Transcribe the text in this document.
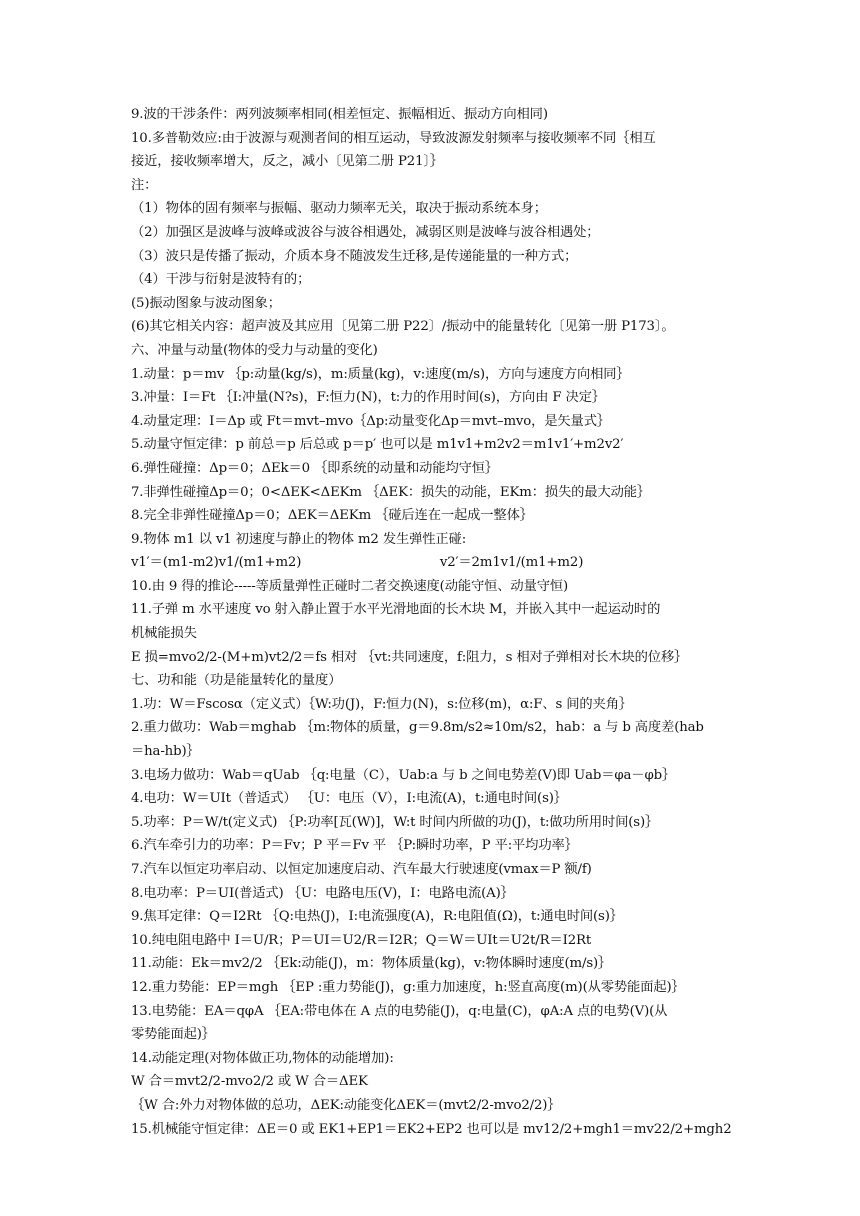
9.波的干涉条件：两列波频率相同(相差恒定、振幅相近、振动方向相同)
10.多普勒效应:由于波源与观测者间的相互运动，导致波源发射频率与接收频率不同｛相互
接近，接收频率增大，反之，减小〔见第二册 P21〕｝
注：
（1）物体的固有频率与振幅、驱动力频率无关，取决于振动系统本身；
（2）加强区是波峰与波峰或波谷与波谷相遇处，减弱区则是波峰与波谷相遇处；
（3）波只是传播了振动，介质本身不随波发生迁移,是传递能量的一种方式；
（4）干涉与衍射是波特有的；
(5)振动图象与波动图象；
(6)其它相关内容：超声波及其应用〔见第二册 P22〕/振动中的能量转化〔见第一册 P173〕。
六、冲量与动量(物体的受力与动量的变化)
1.动量：p＝mv ｛p:动量(kg/s)，m:质量(kg)，v:速度(m/s)，方向与速度方向相同｝
3.冲量：I＝Ft ｛I:冲量(N?s)，F:恒力(N)，t:力的作用时间(s)，方向由 F 决定｝
4.动量定理：I＝Δp 或 Ft＝mvt–mvo｛Δp:动量变化Δp＝mvt–mvo，是矢量式｝
5.动量守恒定律：p 前总＝p 后总或 p＝p′ 也可以是 m1v1+m2v2＝m1v1′+m2v2′
6.弹性碰撞：Δp＝0；ΔEk＝0 ｛即系统的动量和动能均守恒｝
7.非弹性碰撞Δp＝0；0<ΔEK<ΔEKm ｛ΔEK：损失的动能，EKm：损失的最大动能｝
8.完全非弹性碰撞Δp＝0；ΔEK＝ΔEKm ｛碰后连在一起成一整体｝
9.物体 m1 以 v1 初速度与静止的物体 m2 发生弹性正碰:
v1′＝(m1-m2)v1/(m1+m2)                                  v2′＝2m1v1/(m1+m2)
10.由 9 得的推论-----等质量弹性正碰时二者交换速度(动能守恒、动量守恒)
11.子弹 m 水平速度 vo 射入静止置于水平光滑地面的长木块 M，并嵌入其中一起运动时的
机械能损失
E 损=mvo2/2-(M+m)vt2/2＝fs 相对 ｛vt:共同速度，f:阻力，s 相对子弹相对长木块的位移｝
七、功和能（功是能量转化的量度）
1.功：W＝Fscosα（定义式）｛W:功(J)，F:恒力(N)，s:位移(m)，α:F、s 间的夹角｝
2.重力做功：Wab＝mghab ｛m:物体的质量，g＝9.8m/s2≈10m/s2，hab：a 与 b 高度差(hab
＝ha-hb)｝
3.电场力做功：Wab＝qUab ｛q:电量（C），Uab:a 与 b 之间电势差(V)即 Uab＝φa－φb｝
4.电功：W＝UIt（普适式） ｛U：电压（V），I:电流(A)，t:通电时间(s)｝
5.功率：P＝W/t(定义式) ｛P:功率[瓦(W)]，W:t 时间内所做的功(J)，t:做功所用时间(s)｝
6.汽车牵引力的功率：P＝Fv；P 平＝Fv 平 ｛P:瞬时功率，P 平:平均功率｝
7.汽车以恒定功率启动、以恒定加速度启动、汽车最大行驶速度(vmax＝P 额/f)
8.电功率：P＝UI(普适式) ｛U：电路电压(V)，I：电路电流(A)｝
9.焦耳定律：Q＝I2Rt ｛Q:电热(J)，I:电流强度(A)，R:电阻值(Ω)，t:通电时间(s)｝
10.纯电阻电路中 I＝U/R；P＝UI＝U2/R＝I2R；Q＝W＝UIt＝U2t/R＝I2Rt
11.动能：Ek＝mv2/2 ｛Ek:动能(J)，m：物体质量(kg)，v:物体瞬时速度(m/s)｝
12.重力势能：EP＝mgh ｛EP :重力势能(J)，g:重力加速度，h:竖直高度(m)(从零势能面起)｝
13.电势能：EA＝qφA ｛EA:带电体在 A 点的电势能(J)，q:电量(C)，φA:A 点的电势(V)(从
零势能面起)｝
14.动能定理(对物体做正功,物体的动能增加):
W 合＝mvt2/2-mvo2/2 或 W 合＝ΔEK
｛W 合:外力对物体做的总功，ΔEK:动能变化ΔEK＝(mvt2/2-mvo2/2)｝
15.机械能守恒定律：ΔE＝0 或 EK1+EP1＝EK2+EP2 也可以是 mv12/2+mgh1＝mv22/2+mgh2
